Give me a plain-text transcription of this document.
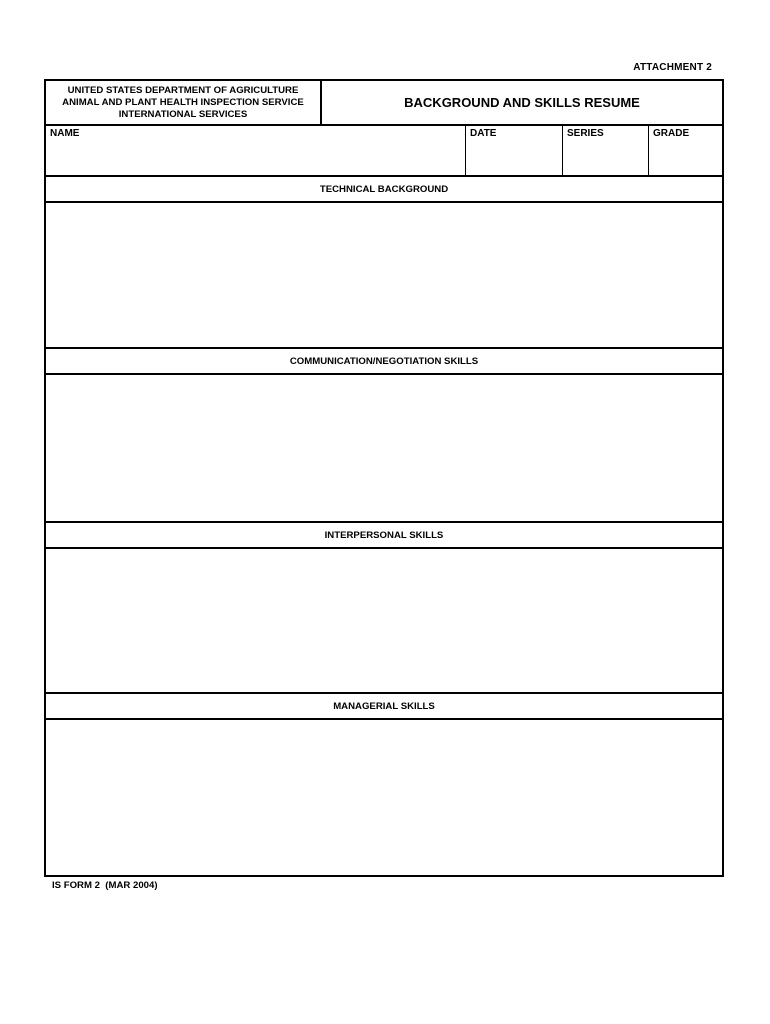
ATTACHMENT 2
UNITED STATES DEPARTMENT OF AGRICULTURE
ANIMAL AND PLANT HEALTH INSPECTION SERVICE
INTERNATIONAL SERVICES
BACKGROUND AND SKILLS RESUME
NAME	DATE	SERIES	GRADE
TECHNICAL BACKGROUND
COMMUNICATION/NEGOTIATION SKILLS
INTERPERSONAL SKILLS
MANAGERIAL SKILLS
IS FORM 2  (MAR 2004)
